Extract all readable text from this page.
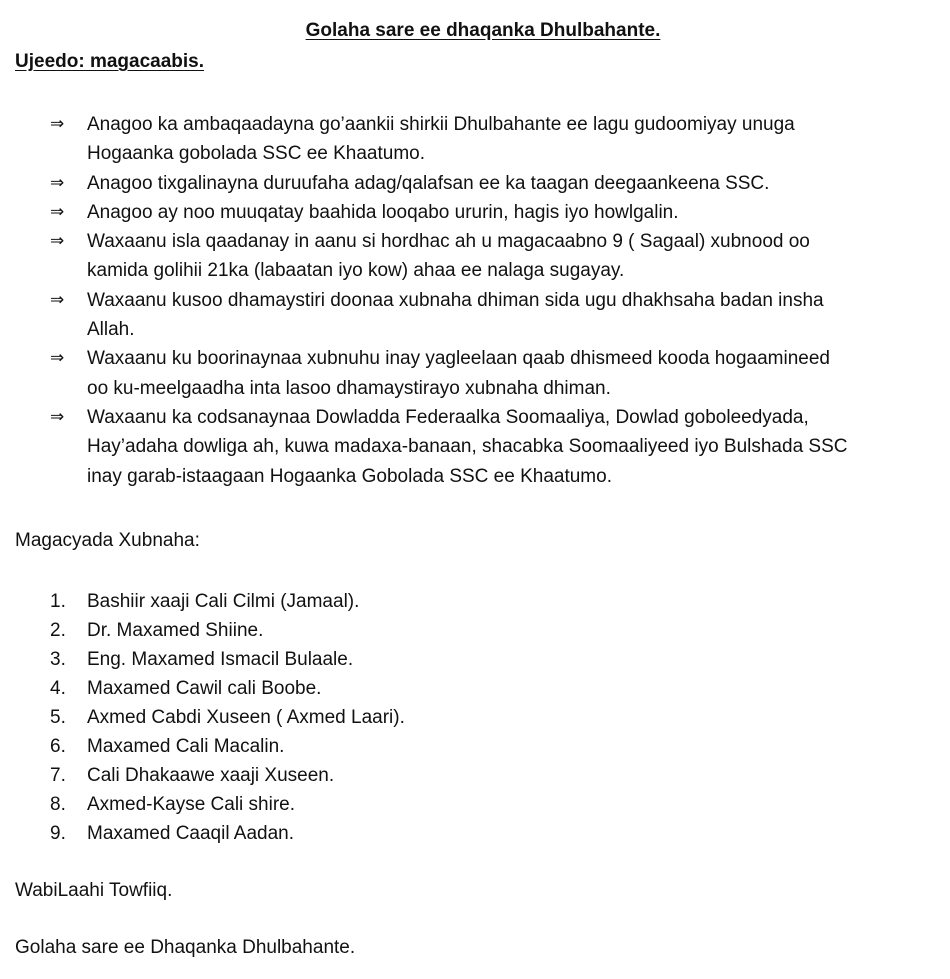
Golaha sare ee dhaqanka Dhulbahante.
Ujeedo: magacaabis.
⇒ Anagoo ka ambaqaadayna go’aankii shirkii Dhulbahante ee lagu gudoomiyay unuga
Hogaanka gobolada SSC ee Khaatumo.
⇒ Anagoo tixgalinayna duruufaha adag/qalafsan ee ka taagan deegaankeena SSC.
⇒ Anagoo ay noo muuqatay baahida looqabo ururin, hagis iyo howlgalin.
⇒ Waxaanu isla qaadanay in aanu si hordhac ah u magacaabno 9 ( Sagaal) xubnood oo
kamida golihii 21ka (labaatan iyo kow) ahaa ee nalaga sugayay.
⇒ Waxaanu kusoo dhamaystiri doonaa xubnaha dhiman sida ugu dhakhsaha badan insha
Allah.
⇒ Waxaanu ku boorinaynaa xubnuhu inay yagleelaan qaab dhismeed kooda hogaamineed
oo ku-meelgaadha inta lasoo dhamaystirayo xubnaha dhiman.
⇒ Waxaanu ka codsanaynaa Dowladda Federaalka Soomaaliya, Dowlad goboleedyada,
Hay’adaha dowliga ah, kuwa madaxa-banaan, shacabka Soomaaliyeed iyo Bulshada SSC
inay garab-istaagaan Hogaanka Gobolada SSC ee Khaatumo.
Magacyada Xubnaha:
1. Bashiir xaaji Cali Cilmi (Jamaal).
2. Dr. Maxamed Shiine.
3. Eng. Maxamed Ismacil Bulaale.
4. Maxamed Cawil cali Boobe.
5. Axmed Cabdi Xuseen ( Axmed Laari).
6. Maxamed Cali Macalin.
7. Cali Dhakaawe xaaji Xuseen.
8. Axmed-Kayse Cali shire.
9. Maxamed Caaqil Aadan.
WabiLaahi Towfiiq.
Golaha sare ee Dhaqanka Dhulbahante.
